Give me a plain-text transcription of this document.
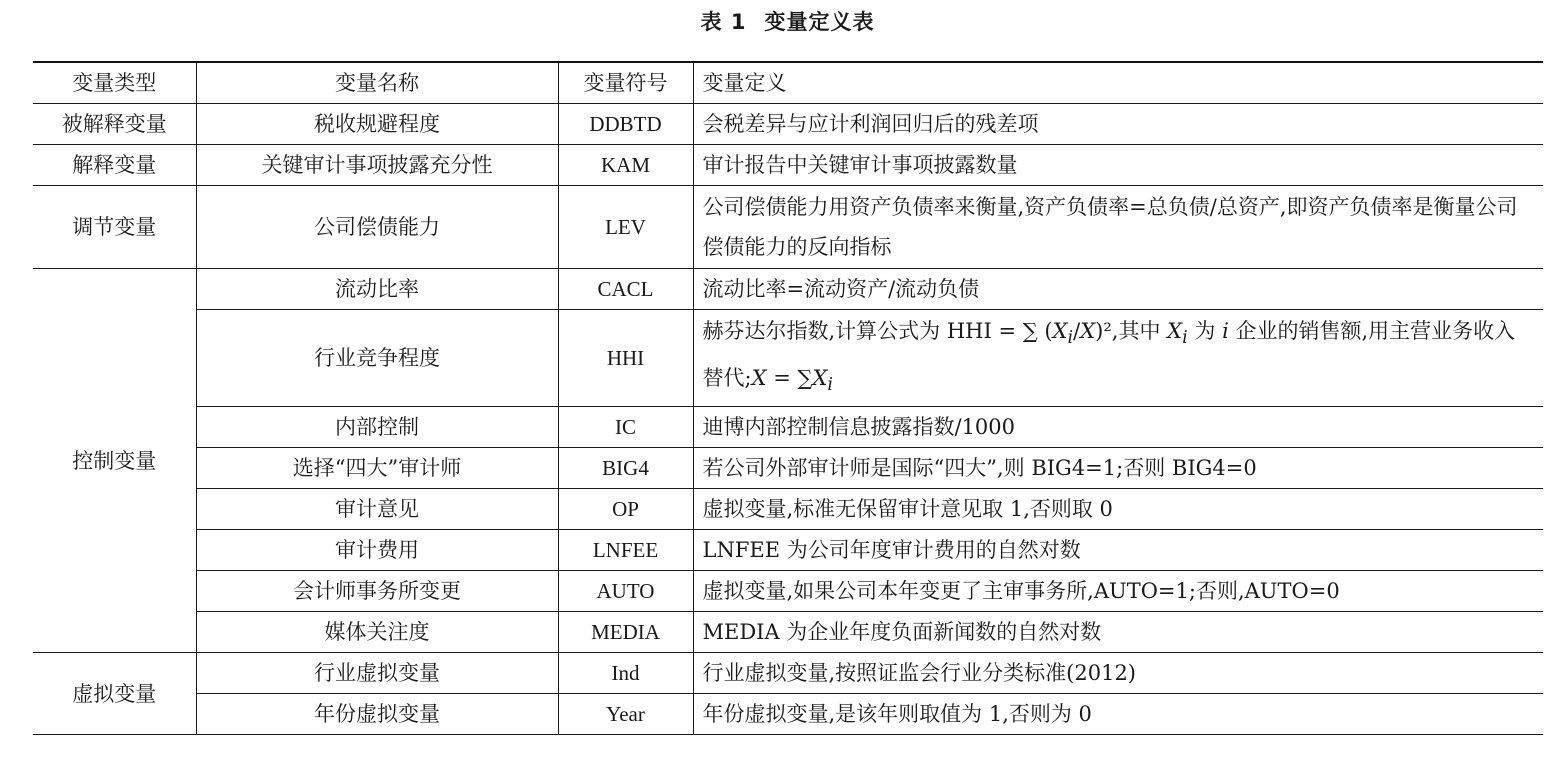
表 1 变量定义表
变量类型	变量名称	变量符号	变量定义
被解释变量	税收规避程度	DDBTD	会税差异与应计利润回归后的残差项
解释变量	关键审计事项披露充分性	KAM	审计报告中关键审计事项披露数量
调节变量	公司偿债能力	LEV	公司偿债能力用资产负债率来衡量,资产负债率=总负债/总资产,即资产负债率是衡量公司偿债能力的反向指标
控制变量	流动比率	CACL	流动比率=流动资产/流动负债
	行业竞争程度	HHI	赫芬达尔指数,计算公式为 HHI = ∑ $(X_i/X)^2$,其中 $X_i$ 为 i 企业的销售额,用主营业务收入替代;X = $\sum X_i$
	内部控制	IC	迪博内部控制信息披露指数/1000
	选择“四大”审计师	BIG4	若公司外部审计师是国际“四大”,则 BIG4=1;否则 BIG4=0
	审计意见	OP	虚拟变量,标准无保留审计意见取 1,否则取 0
	审计费用	LNFEE	LNFEE 为公司年度审计费用的自然对数
	会计师事务所变更	AUTO	虚拟变量,如果公司本年变更了主审事务所,AUTO=1;否则,AUTO=0
	媒体关注度	MEDIA	MEDIA 为企业年度负面新闻数的自然对数
虚拟变量	行业虚拟变量	Ind	行业虚拟变量,按照证监会行业分类标准(2012)
	年份虚拟变量	Year	年份虚拟变量,是该年则取值为 1,否则为 0
